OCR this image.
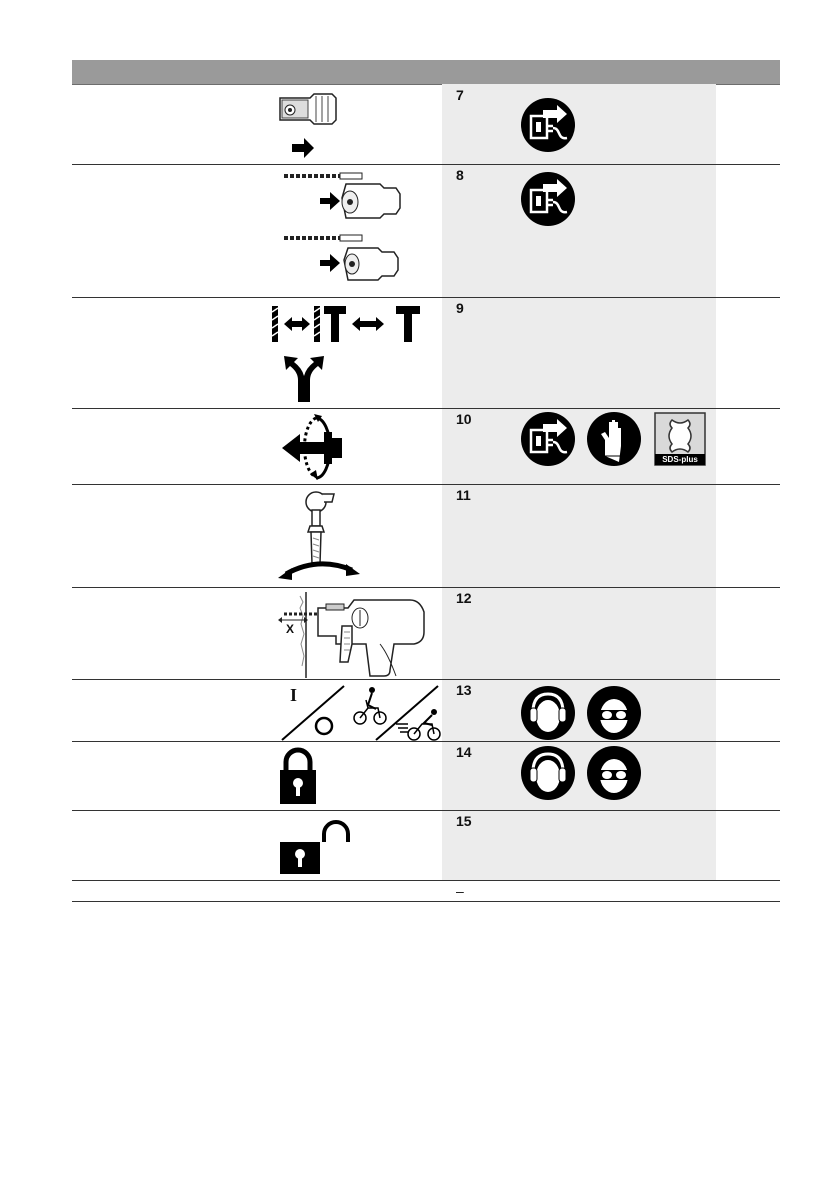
7
8
9
10
11
12
13
14
15
–
SDS-plus
X
I
